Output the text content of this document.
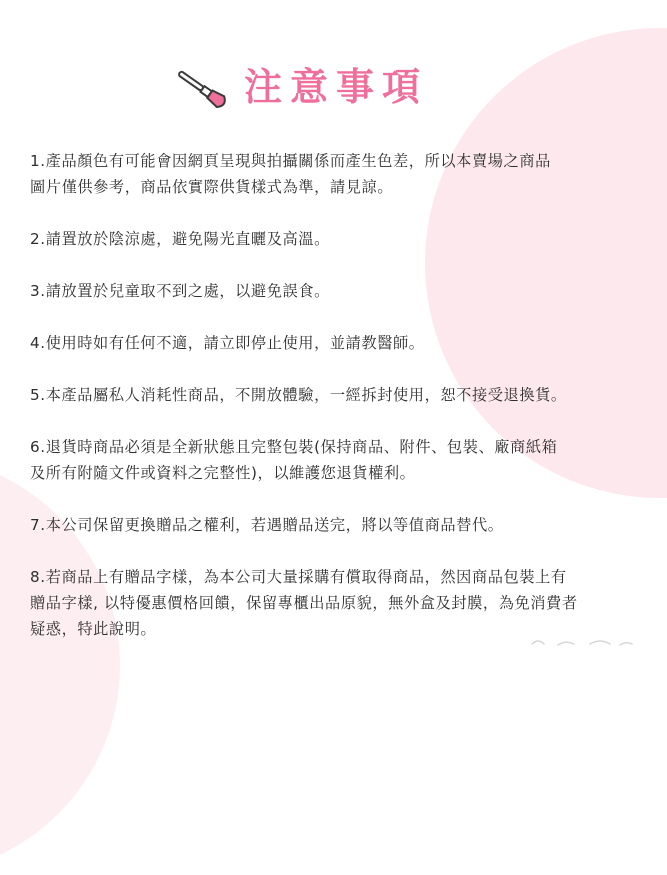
注意事項
1.產品顏色有可能會因網頁呈現與拍攝關係而產生色差，所以本賣場之商品
圖片僅供參考，商品依實際供貨樣式為準，請見諒。
2.請置放於陰涼處，避免陽光直曬及高溫。
3.請放置於兒童取不到之處，以避免誤食。
4.使用時如有任何不適，請立即停止使用，並請教醫師。
5.本產品屬私人消耗性商品，不開放體驗，一經拆封使用，恕不接受退換貨。
6.退貨時商品必須是全新狀態且完整包裝(保持商品、附件、包裝、廠商紙箱
及所有附隨文件或資料之完整性)，以維護您退貨權利。
7.本公司保留更換贈品之權利，若遇贈品送完，將以等值商品替代。
8.若商品上有贈品字樣，為本公司大量採購有償取得商品，然因商品包裝上有
贈品字樣, 以特優惠價格回饋，保留專櫃出品原貌，無外盒及封膜，為免消費者
疑惑，特此說明。
